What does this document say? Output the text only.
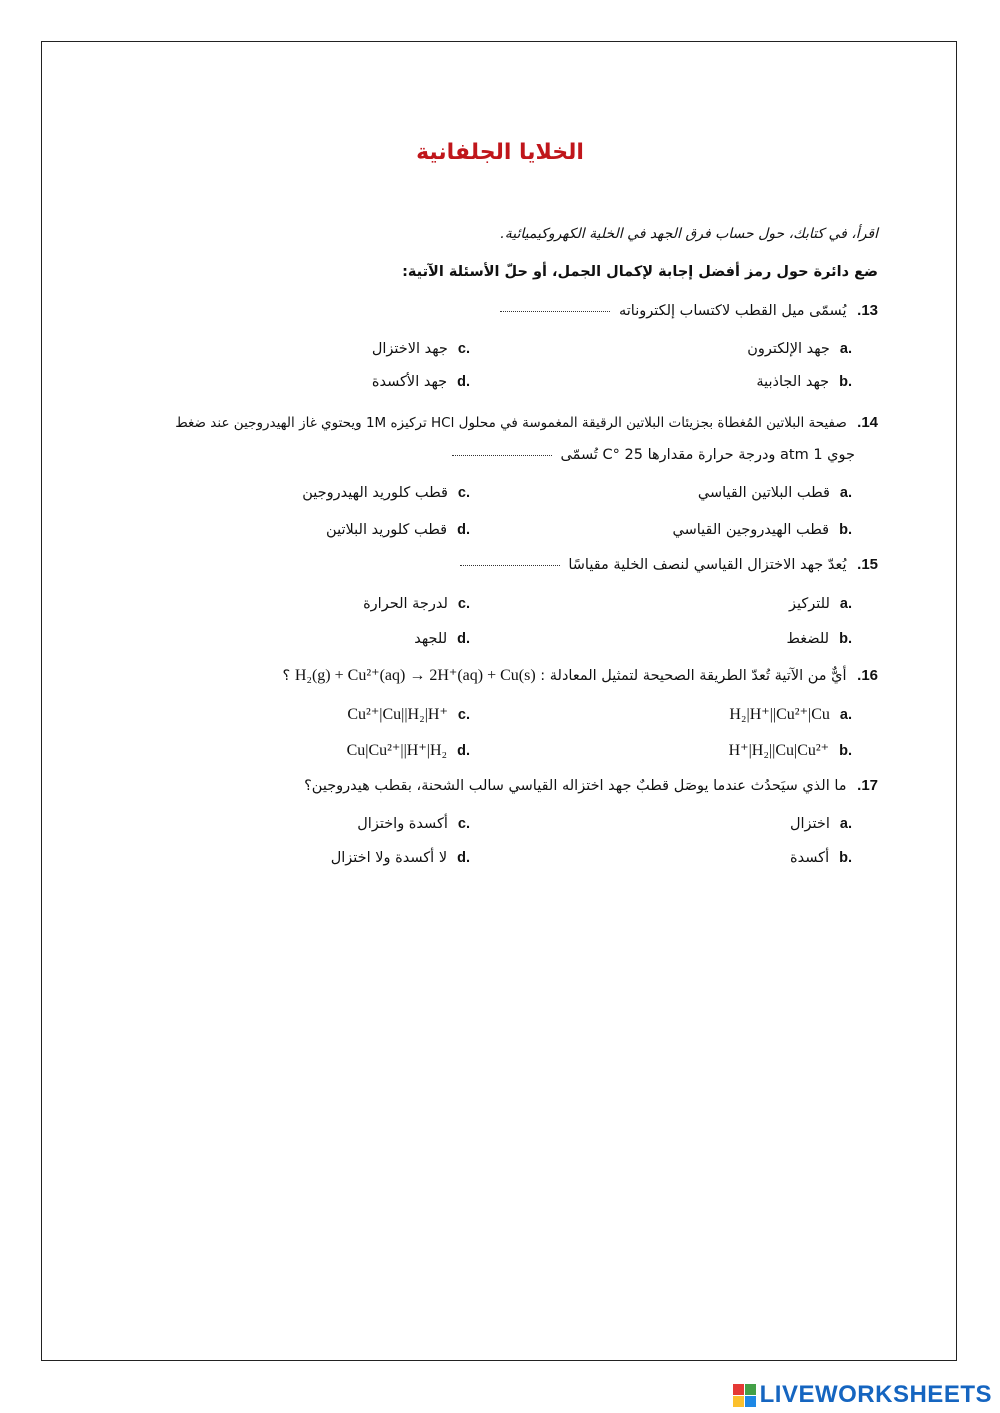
الخلايا الجلفانية
اقرأ، في كتابك، حول حساب فرق الجهد في الخلية الكهروكيميائية.
ضع دائرة حول رمز أفضل إجابة لإكمال الجمل، أو حلّ الأسئلة الآتية:
13. يُسمّى ميل القطب لاكتساب إلكتروناته
.aجهد الإلكترون
.cجهد الاختزال
.bجهد الجاذبية
.dجهد الأكسدة
14. صفيحة البلاتين المُغطاة بجزيئات البلاتين الرقيقة المغموسة في محلول HCl تركيزه 1M ويحتوي غاز الهيدروجين عند ضغط
جوي 1 atm ودرجة حرارة مقدارها 25 °C تُسمّى
.aقطب البلاتين القياسي
.cقطب كلوريد الهيدروجين
.bقطب الهيدروجين القياسي
.dقطب كلوريد البلاتين
15. يُعدّ جهد الاختزال القياسي لنصف الخلية مقياسًا
.aللتركيز
.cلدرجة الحرارة
.bللضغط
.dللجهد
16. أيٌّ من الآتية تُعدّ الطريقة الصحيحة لتمثيل المعادلة : H₂(g) + Cu²⁺(aq) → 2H⁺(aq) + Cu(s) ؟
.aH₂|H⁺||Cu²⁺|Cu
.cCu²⁺|Cu||H₂|H⁺
.bH⁺|H₂||Cu|Cu²⁺
.dCu|Cu²⁺||H⁺|H₂
17. ما الذي سيَحدُث عندما يوصَل قطبٌ جهد اختزاله القياسي سالب الشحنة، بقطب هيدروجين؟
.aاختزال
.cأكسدة واختزال
.bأكسدة
.dلا أكسدة ولا اختزال
LIVEWORKSHEETS
